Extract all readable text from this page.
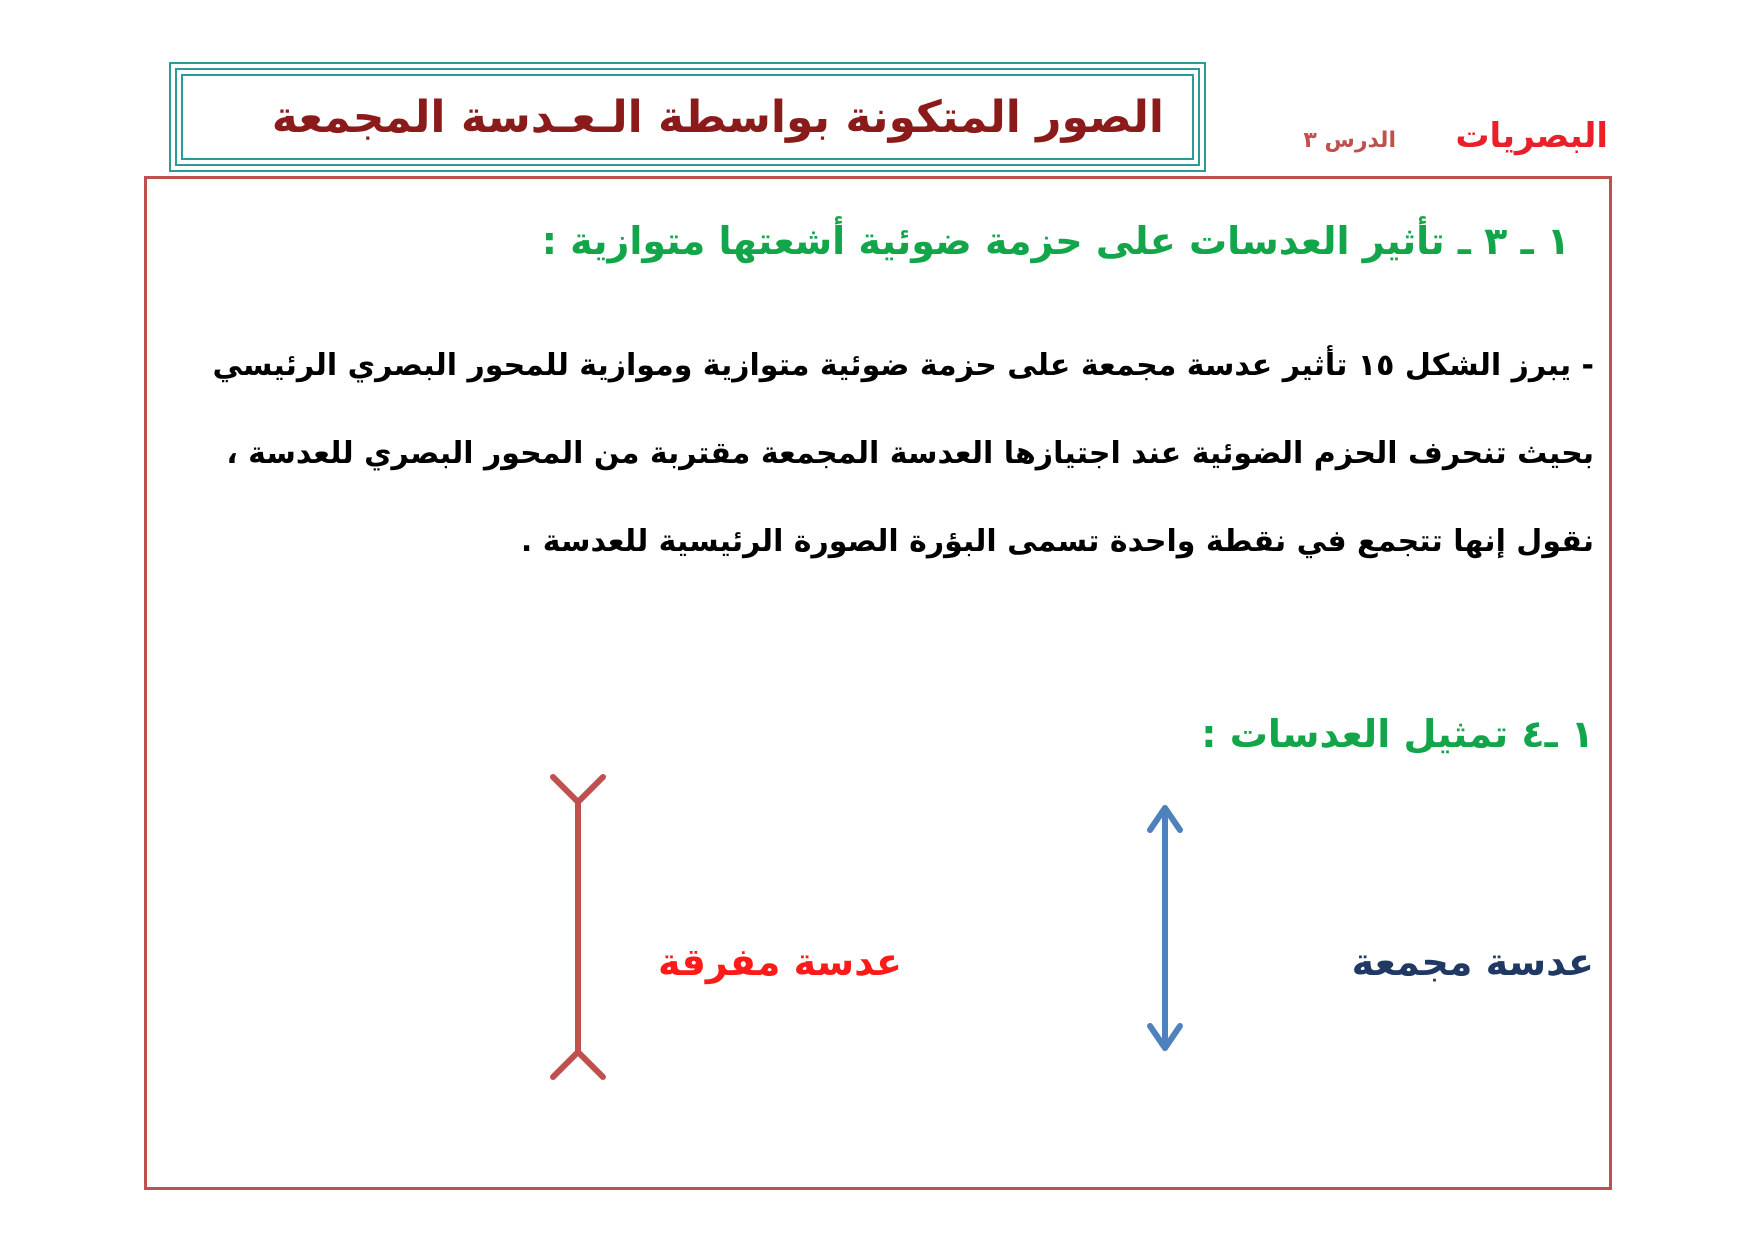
الصور المتكونة بواسطة الـعـدسة المجمعة	البصريات
الدرس ٣
١ ـ ٣ ـ تأثير العدسات على حزمة ضوئية أشعتها متوازية :
- يبرز الشكل ١٥ تأثير عدسة مجمعة على حزمة ضوئية متوازية وموازية للمحور البصري الرئيسي بحيث تنحرف الحزم الضوئية عند اجتيازها العدسة المجمعة مقتربة من المحور البصري للعدسة ، نقول إنها تتجمع في نقطة واحدة تسمى البؤرة الصورة الرئيسية للعدسة .
١ ـ٤ تمثيل العدسات :
عدسة مجمعة
عدسة مفرقة
